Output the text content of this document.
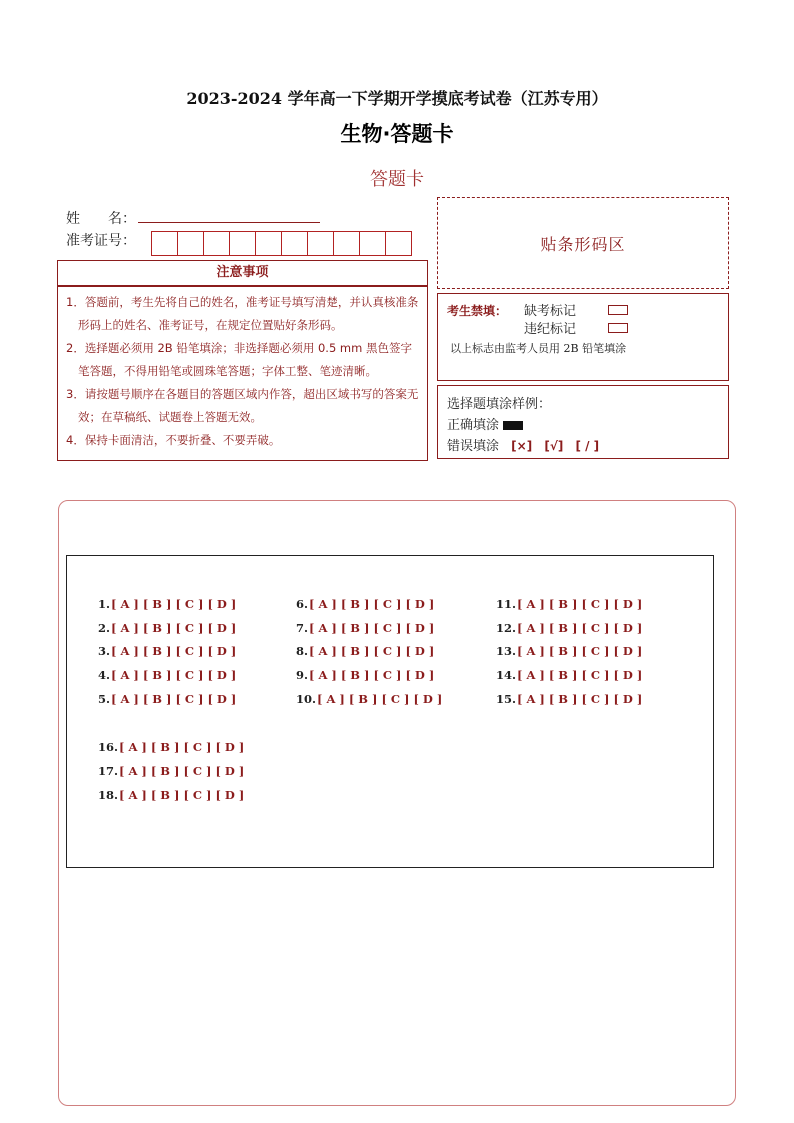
2023-2024 学年高一下学期开学摸底考试卷（江苏专用）
生物·答题卡
答题卡
姓　　名：
准考证号：	贴条形码区
注意事项
1．答题前，考生先将自己的姓名，准考证号填写清楚，并认真核准条形码上的姓名、准考证号，在规定位置贴好条形码。
2．选择题必须用 2B 铅笔填涂；非选择题必须用 0.5 mm 黑色签字笔答题，不得用铅笔或圆珠笔答题；字体工整、笔迹清晰。
3．请按题号顺序在各题目的答题区域内作答，超出区域书写的答案无效；在草稿纸、试题卷上答题无效。
4．保持卡面清洁，不要折叠、不要弄破。
考生禁填： 缺考标记
违纪标记
以上标志由监考人员用 2B 铅笔填涂
选择题填涂样例：
正确填涂
错误填涂 [×] [√] [ / ]
1.[ A ] [ B ] [ C ] [ D ]
2.[ A ] [ B ] [ C ] [ D ]
3.[ A ] [ B ] [ C ] [ D ]
4.[ A ] [ B ] [ C ] [ D ]
5.[ A ] [ B ] [ C ] [ D ]
6.[ A ] [ B ] [ C ] [ D ]
7.[ A ] [ B ] [ C ] [ D ]
8.[ A ] [ B ] [ C ] [ D ]
9.[ A ] [ B ] [ C ] [ D ]
10.[ A ] [ B ] [ C ] [ D ]
11.[ A ] [ B ] [ C ] [ D ]
12.[ A ] [ B ] [ C ] [ D ]
13.[ A ] [ B ] [ C ] [ D ]
14.[ A ] [ B ] [ C ] [ D ]
15.[ A ] [ B ] [ C ] [ D ]
16.[ A ] [ B ] [ C ] [ D ]
17.[ A ] [ B ] [ C ] [ D ]
18.[ A ] [ B ] [ C ] [ D ]
